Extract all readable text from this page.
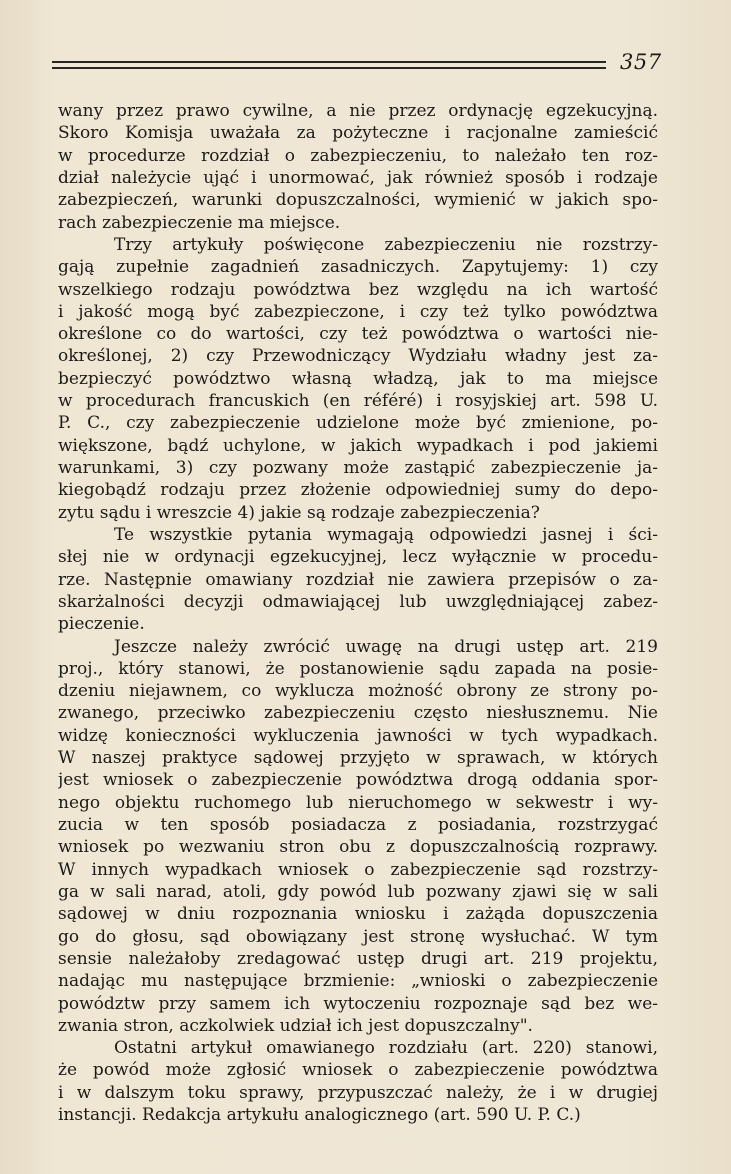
357
wany przez prawo cywilne, a nie przez ordynację egzekucyjną.
Skoro Komisja uważała za pożyteczne i racjonalne zamieścić
w procedurze rozdział o zabezpieczeniu, to należało ten roz-
dział należycie ująć i unormować, jak również sposób i rodzaje
zabezpieczeń, warunki dopuszczalności, wymienić w jakich spo-
rach zabezpieczenie ma miejsce.
Trzy artykuły poświęcone zabezpieczeniu nie rozstrzy-
gają zupełnie zagadnień zasadniczych. Zapytujemy: 1) czy
wszelkiego rodzaju powództwa bez względu na ich wartość
i jakość mogą być zabezpieczone, i czy też tylko powództwa
określone co do wartości, czy też powództwa o wartości nie-
określonej, 2) czy Przewodniczący Wydziału władny jest za-
bezpieczyć powództwo własną władzą, jak to ma miejsce
w procedurach francuskich (en référé) i rosyjskiej art. 598 U.
P. C., czy zabezpieczenie udzielone może być zmienione, po-
większone, bądź uchylone, w jakich wypadkach i pod jakiemi
warunkami, 3) czy pozwany może zastąpić zabezpieczenie ja-
kiegobądź rodzaju przez złożenie odpowiedniej sumy do depo-
zytu sądu i wreszcie 4) jakie są rodzaje zabezpieczenia?
Te wszystkie pytania wymagają odpowiedzi jasnej i ści-
słej nie w ordynacji egzekucyjnej, lecz wyłącznie w procedu-
rze. Następnie omawiany rozdział nie zawiera przepisów o za-
skarżalności decyzji odmawiającej lub uwzględniającej zabez-
pieczenie.
Jeszcze należy zwrócić uwagę na drugi ustęp art. 219
proj., który stanowi, że postanowienie sądu zapada na posie-
dzeniu niejawnem, co wyklucza możność obrony ze strony po-
zwanego, przeciwko zabezpieczeniu często niesłusznemu. Nie
widzę konieczności wykluczenia jawności w tych wypadkach.
W naszej praktyce sądowej przyjęto w sprawach, w których
jest wniosek o zabezpieczenie powództwa drogą oddania spor-
nego objektu ruchomego lub nieruchomego w sekwestr i wy-
zucia w ten sposób posiadacza z posiadania, rozstrzygać
wniosek po wezwaniu stron obu z dopuszczalnością rozprawy.
W innych wypadkach wniosek o zabezpieczenie sąd rozstrzy-
ga w sali narad, atoli, gdy powód lub pozwany zjawi się w sali
sądowej w dniu rozpoznania wniosku i zażąda dopuszczenia
go do głosu, sąd obowiązany jest stronę wysłuchać. W tym
sensie należałoby zredagować ustęp drugi art. 219 projektu,
nadając mu następujące brzmienie: „wnioski o zabezpieczenie
powództw przy samem ich wytoczeniu rozpoznaje sąd bez we-
zwania stron, aczkolwiek udział ich jest dopuszczalny".
Ostatni artykuł omawianego rozdziału (art. 220) stanowi,
że powód może zgłosić wniosek o zabezpieczenie powództwa
i w dalszym toku sprawy, przypuszczać należy, że i w drugiej
instancji. Redakcja artykułu analogicznego (art. 590 U. P. C.)
